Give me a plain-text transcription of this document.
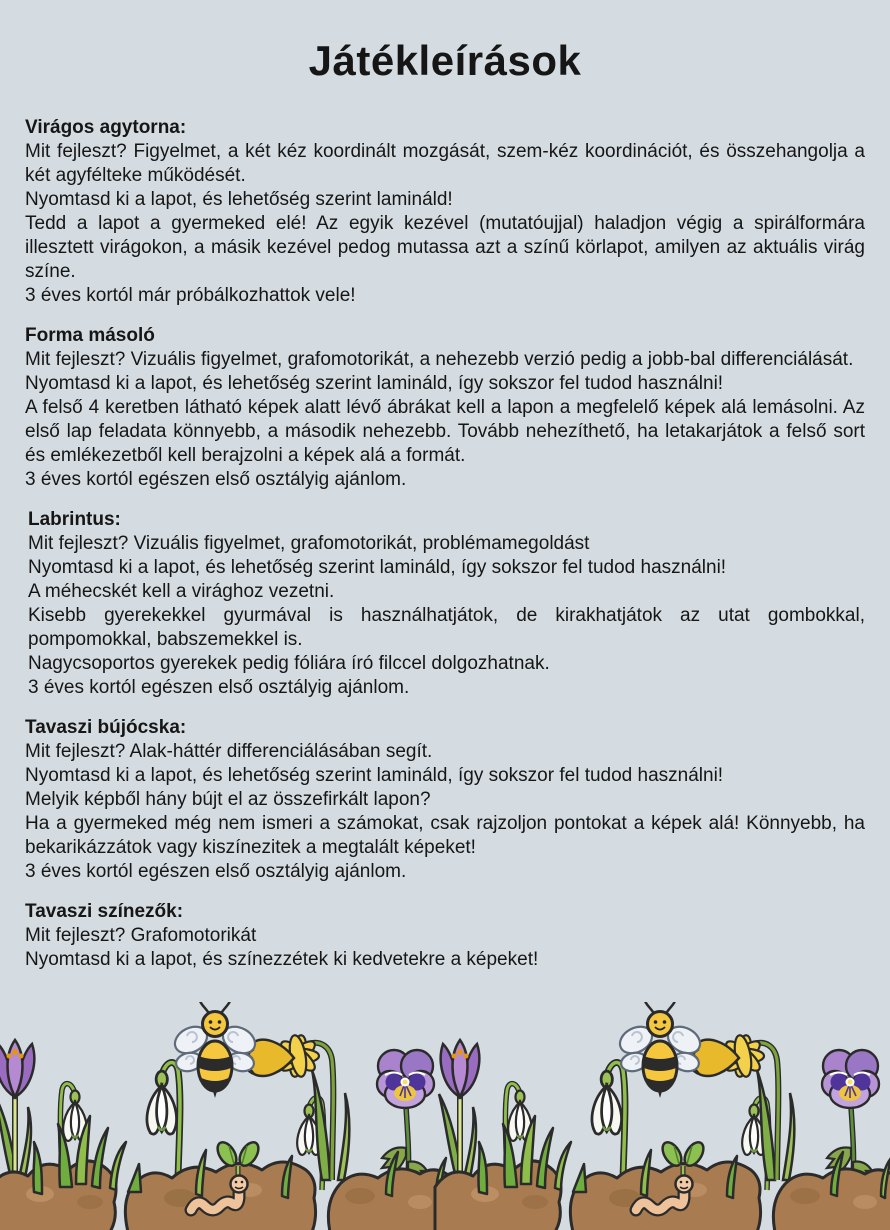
Játékleírások
Virágos agytorna:

Mit fejleszt? Figyelmet, a két kéz koordinált mozgását, szem-kéz koordinációt, és összehangolja a két agyfélteke működését.

Nyomtasd ki a lapot, és lehetőség szerint lamináld!

Tedd a lapot a gyermeked elé! Az egyik kezével (mutatóujjal) haladjon végig a spirálformára illesztett virágokon, a másik kezével pedog mutassa azt a színű körlapot, amilyen az aktuális virág színe.

3 éves kortól már próbálkozhattok vele!

Forma másoló

Mit fejleszt? Vizuális figyelmet, grafomotorikát, a nehezebb verzió pedig a jobb-bal differenciálását.

Nyomtasd ki a lapot, és lehetőség szerint lamináld, így sokszor fel tudod használni!

A felső 4 keretben látható képek alatt lévő ábrákat kell a lapon a megfelelő képek alá lemásolni. Az első lap feladata könnyebb, a második nehezebb. Tovább nehezíthető, ha letakarjátok a felső sort és emlékezetből kell berajzolni a képek alá a formát.

3 éves kortól egészen első osztályig ajánlom.

Labrintus:

Mit fejleszt? Vizuális figyelmet, grafomotorikát, problémamegoldást

Nyomtasd ki a lapot, és lehetőség szerint lamináld, így sokszor fel tudod használni!

A méhecskét kell a virághoz vezetni.

Kisebb gyerekekkel gyurmával is használhatjátok, de kirakhatjátok az utat gombokkal, pompomokkal, babszemekkel is.

Nagycsoportos gyerekek pedig fóliára író filccel dolgozhatnak.

3 éves kortól egészen első osztályig ajánlom.

Tavaszi bújócska:

Mit fejleszt? Alak-háttér differenciálásában segít.

Nyomtasd ki a lapot, és lehetőség szerint lamináld, így sokszor fel tudod használni!

Melyik képből hány bújt el az összefirkált lapon?

Ha a gyermeked még nem ismeri a számokat, csak rajzoljon pontokat a képek alá! Könnyebb, ha bekarikázzátok vagy kiszínezitek a megtalált képeket!

3 éves kortól egészen első osztályig ajánlom.

Tavaszi színezők:

Mit fejleszt? Grafomotorikát

Nyomtasd ki a lapot, és színezzétek ki kedvetekre a képeket!
